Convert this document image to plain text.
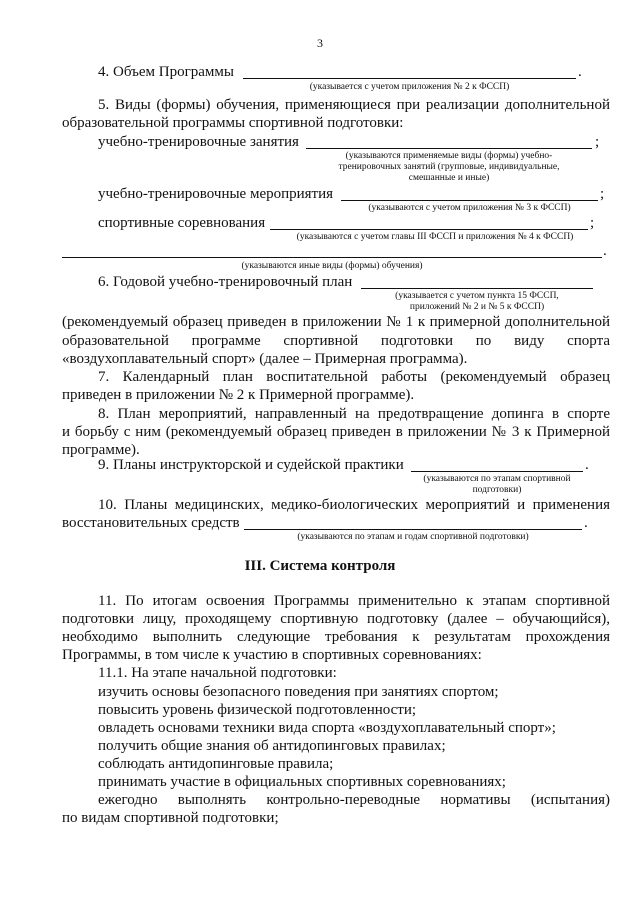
3
4. Объем Программы	.
(указывается с учетом приложения № 2 к ФССП)
5. Виды (формы) обучения, применяющиеся при реализации дополнительной
образовательной программы спортивной подготовки:
учебно-тренировочные занятия	;
(указываются применяемые виды (формы) учебно-
тренировочных занятий (групповые, индивидуальные,
смешанные и иные)
учебно-тренировочные мероприятия	;
(указываются с учетом приложения № 3 к ФССП)
спортивные соревнования	;
(указываются с учетом главы III ФССП и приложения № 4 к ФССП)
.
(указываются иные виды (формы) обучения)
6. Годовой учебно-тренировочный план
(указывается с учетом пункта 15 ФССП,
приложений № 2 и № 5 к ФССП)
(рекомендуемый образец приведен в приложении № 1 к примерной дополнительной
образовательной программе спортивной подготовки по виду спорта
«воздухоплавательный спорт» (далее – Примерная программа).
7. Календарный план воспитательной работы (рекомендуемый образец
приведен в приложении № 2 к Примерной программе).
8. План мероприятий, направленный на предотвращение допинга в спорте
и борьбу с ним (рекомендуемый образец приведен в приложении № 3 к Примерной
программе).
9. Планы инструкторской и судейской практики	.
(указываются по этапам спортивной
подготовки)
10. Планы медицинских, медико-биологических мероприятий и применения
восстановительных средств	.
(указываются по этапам и годам спортивной подготовки)
III. Система контроля
11. По итогам освоения Программы применительно к этапам спортивной
подготовки лицу, проходящему спортивную подготовку (далее – обучающийся),
необходимо выполнить следующие требования к результатам прохождения
Программы, в том числе к участию в спортивных соревнованиях:
11.1. На этапе начальной подготовки:
изучить основы безопасного поведения при занятиях спортом;
повысить уровень физической подготовленности;
овладеть основами техники вида спорта «воздухоплавательный спорт»;
получить общие знания об антидопинговых правилах;
соблюдать антидопинговые правила;
принимать участие в официальных спортивных соревнованиях;
ежегодно выполнять контрольно-переводные нормативы (испытания)
по видам спортивной подготовки;
